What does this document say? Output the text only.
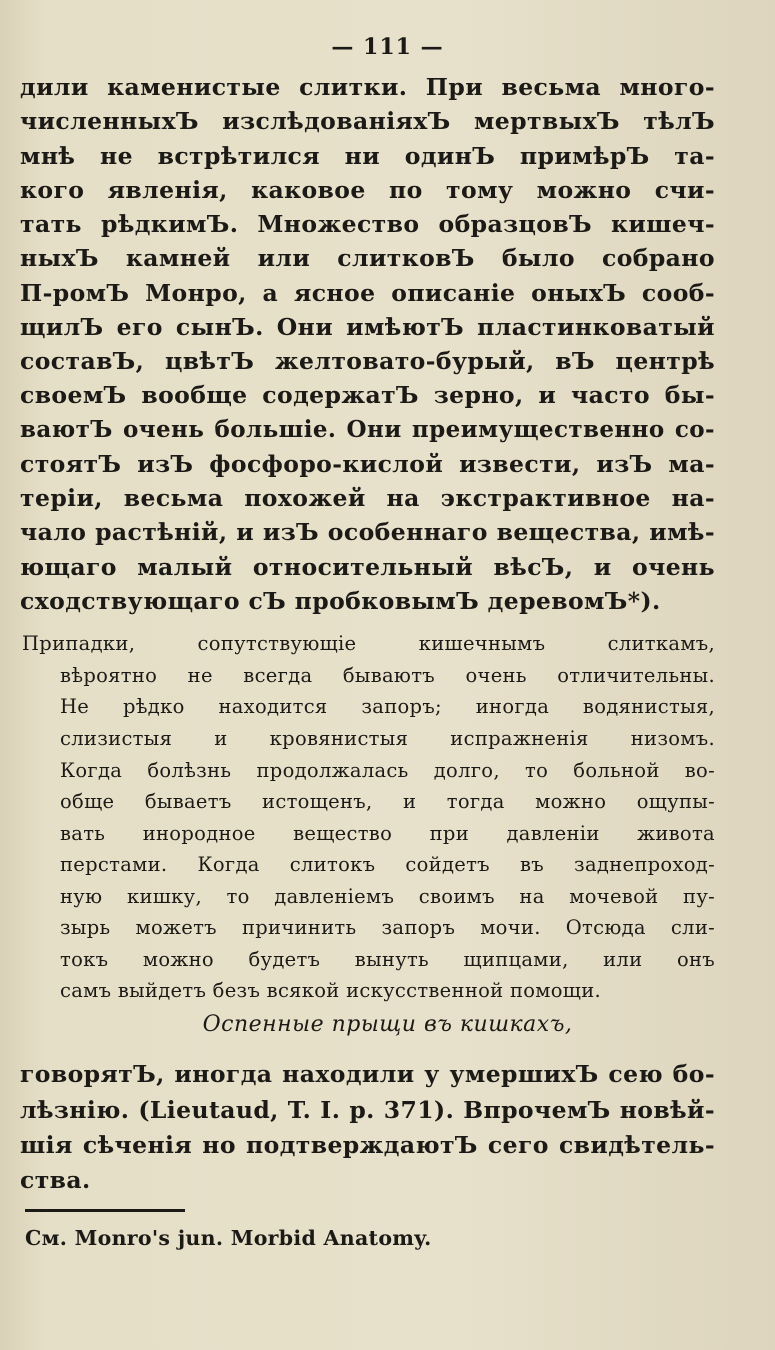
— 111 —
дили каменистые слитки. При весьма много-
численныхЪ изслѣдованіяхЪ мертвыхЪ тѣлЪ
мнѣ не встрѣтился ни одинЪ примѣрЪ та-
кого явленія, каковое по тому можно счи-
тать рѣдкимЪ. Множество образцовЪ кишеч-
ныхЪ камней или слитковЪ было собрано
П-ромЪ Монро, а ясное описаніе оныхЪ сооб-
щилЪ его сынЪ. Они имѣютЪ пластинковатый
составЪ, цвѣтЪ желтовато-бурый, вЪ центрѣ
своемЪ вообще содержатЪ зерно, и часто бы-
ваютЪ очень большіе. Они преимущественно со-
стоятЪ изЪ фосфоро-кислой извести, изЪ ма-
теріи, весьма похожей на экстрактивное на-
чало растѣній, и изЪ особеннаго вещества, имѣ-
ющаго малый относительный вѣсЪ, и очень
сходствующаго сЪ пробковымЪ деревомЪ*).
Припадки, сопутствующіе кишечнымъ слиткамъ,
вѣроятно не всегда бываютъ очень отличительны.
Не рѣдко находится запоръ; иногда водянистыя,
слизистыя и кровянистыя испражненія низомъ.
Когда болѣзнь продолжалась долго, то больной во-
обще бываетъ истощенъ, и тогда можно ощупы-
вать инородное вещество при давленіи живота
перстами. Когда слитокъ сойдетъ въ заднепроход-
ную кишку, то давленіемъ своимъ на мочевой пу-
зырь можетъ причинить запоръ мочи. Отсюда сли-
токъ можно будетъ вынуть щипцами, или онъ
самъ выйдетъ безъ всякой искусственной помощи.
Оспенные прыщи въ кишкахъ,
говорятЪ, иногда находили у умершихЪ сею бо-
лѣзнію. (Lieutaud, T. I. p. 371). ВпрочемЪ новѣй-
шія сѣченія но подтверждаютЪ сего свидѣтель-
ства.
См. Monro's jun. Morbid Anatomy.
